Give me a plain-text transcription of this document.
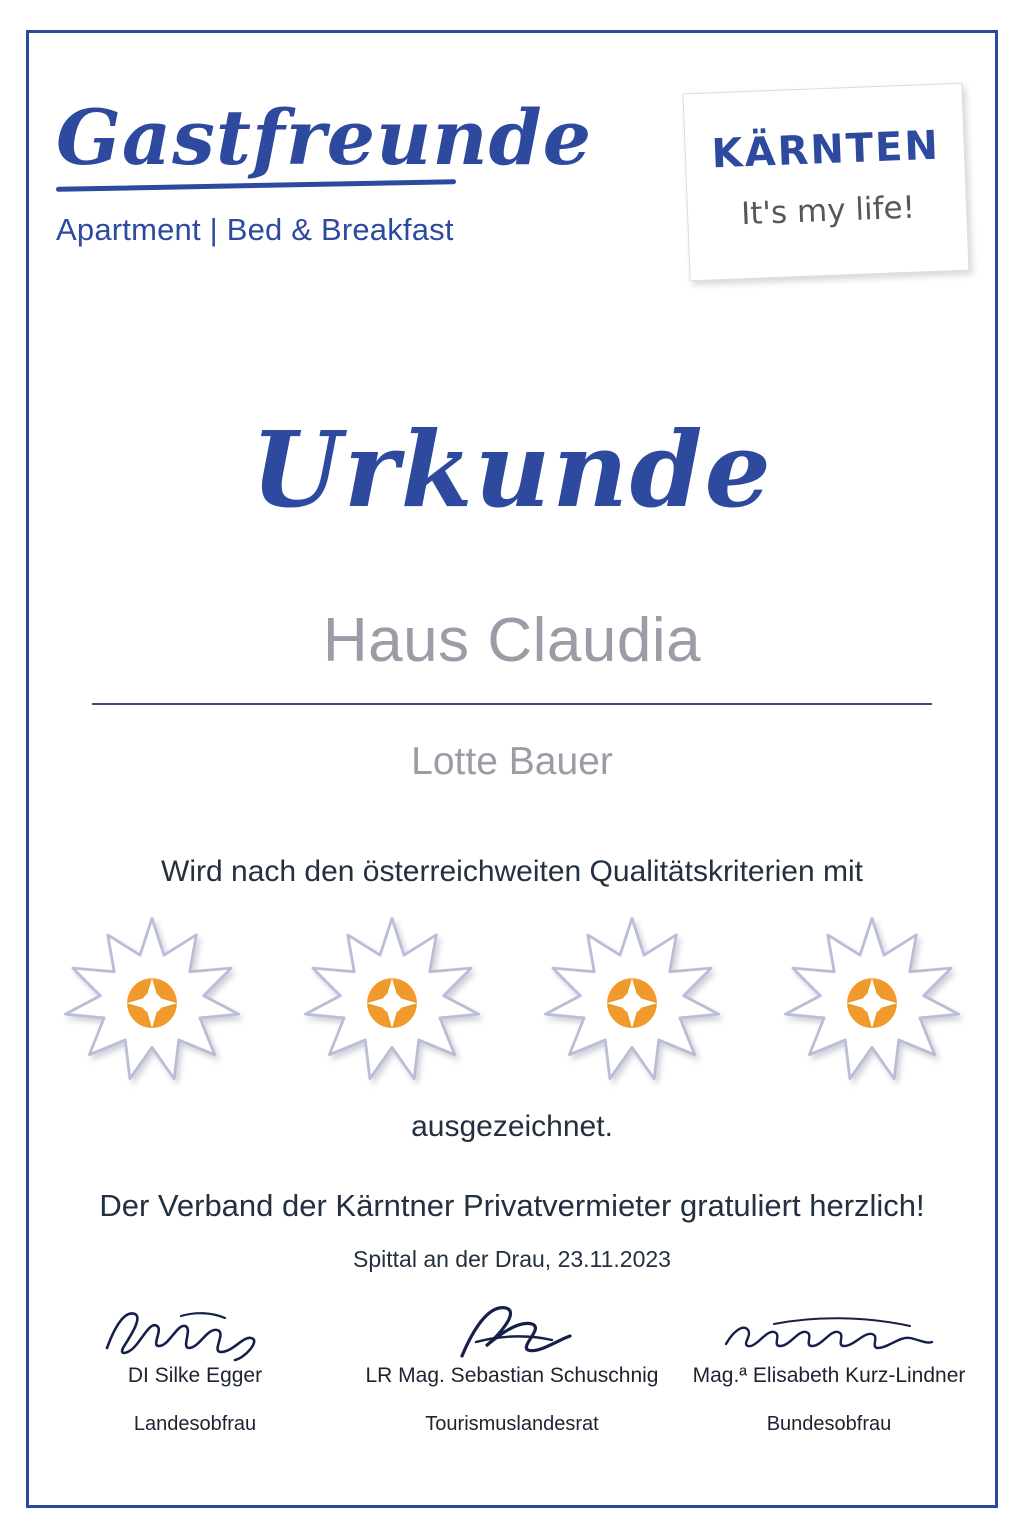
Gastfreunde
Apartment | Bed & Breakfast
KÄRNTEN
It's my life!
Urkunde
Haus Claudia
Lotte Bauer
Wird nach den österreichweiten Qualitätskriterien mit
ausgezeichnet.
Der Verband der Kärntner Privatvermieter gratuliert herzlich!
Spittal an der Drau, 23.11.2023
DI Silke Egger
Landesobfrau
LR Mag. Sebastian Schuschnig
Tourismuslandesrat
Mag.ª Elisabeth Kurz-Lindner
Bundesobfrau
